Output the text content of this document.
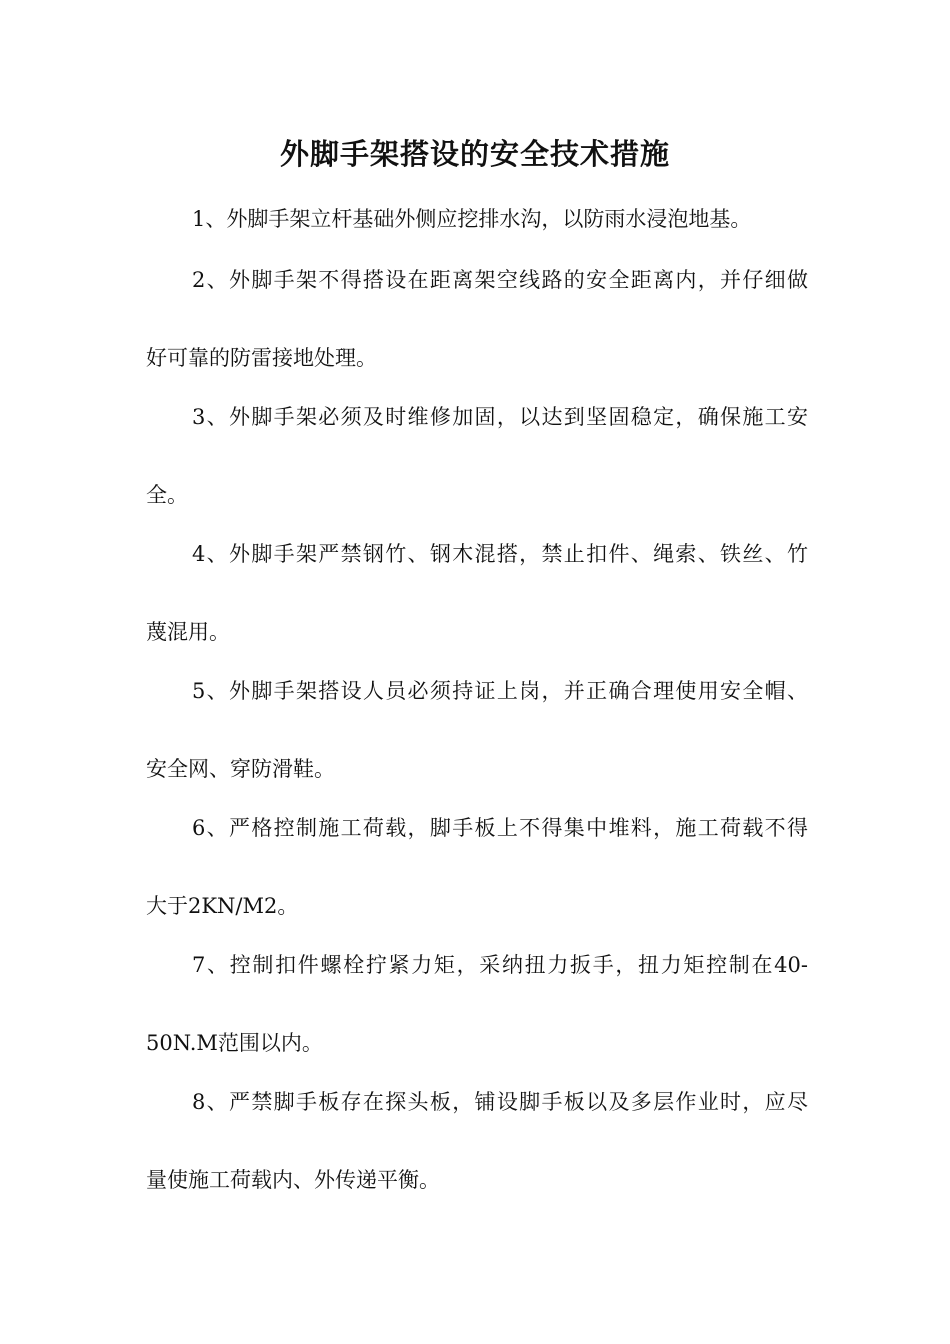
外脚手架搭设的安全技术措施
1、外脚手架立杆基础外侧应挖排水沟，以防雨水浸泡地基。
2、外脚手架不得搭设在距离架空线路的安全距离内，并仔细做
好可靠的防雷接地处理。
3、外脚手架必须及时维修加固，以达到坚固稳定，确保施工安
全。
4、外脚手架严禁钢竹、钢木混搭，禁止扣件、绳索、铁丝、竹
蔑混用。
5、外脚手架搭设人员必须持证上岗，并正确合理使用安全帽、
安全网、穿防滑鞋。
6、严格控制施工荷载，脚手板上不得集中堆料，施工荷载不得
大于2KN/M2。
7、控制扣件螺栓拧紧力矩，采纳扭力扳手，扭力矩控制在40-
50N.M范围以内。
8、严禁脚手板存在探头板，铺设脚手板以及多层作业时，应尽
量使施工荷载内、外传递平衡。
